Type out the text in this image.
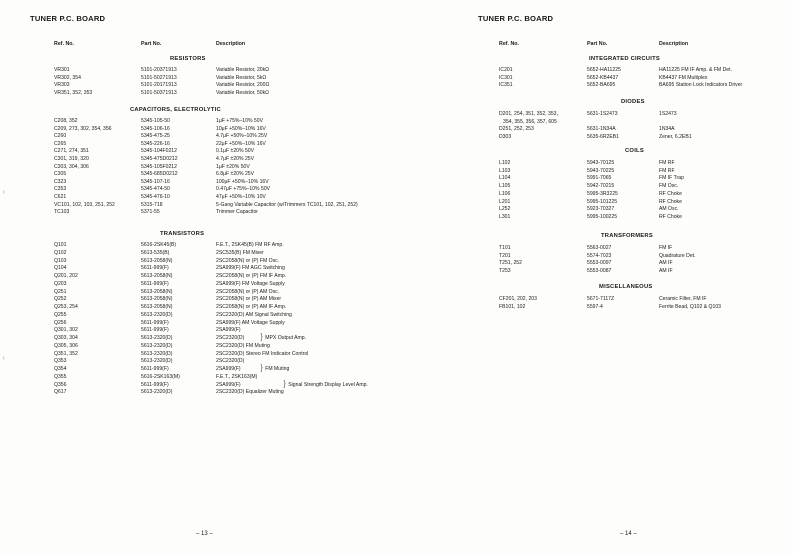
TUNER P.C. BOARD
Ref. No.	Part No.	Description
RESISTORS
VR301	5101-20371913	Variable Resistor, 20kΩ
VR302, 354	5101-50271913	Variable Resistor, 5kΩ
VR303	5101-20171913	Variable Resistor, 200Ω
VR351, 352, 353	5101-50371913	Variable Resistor, 50kΩ
CAPACITORS, ELECTROLYTIC
C208, 352	5345-105-50	1μF +75%–10% 50V
C209, 273, 302, 354, 356	5345-106-16	10μF +50%–10% 16V
C260	5345-475-25	4.7μF +50%–10% 25V
C265	5345-226-16	22μF +50%–10% 16V
C271, 274, 351	5345-104F0212	0.1μF ±20% 50V
C301, 319, 320	5345-475D0212	4.7μF ±20% 25V
C303, 304, 306	5345-105F0212	1μF ±20% 50V
C305	5345-685D0212	6.8μF ±20% 25V
C323	5345-107-16	100μF +50%–10% 16V
C353	5345-474-50	0.47μF +75%–10% 50V
C621	5345-476-10	47μF +50%–10% 10V
VC101, 102, 103, 251, 252	5315-718	5-Gang Variable Capacitor (w/Trimmers TC101, 102, 251, 252)
TC103	5371-55	Trimmer Capacitor
TRANSISTORS
Q101	5616-2SK45(B)	F.E.T., 2SK45(B) FM RF Amp.
Q102	5613-535(B)	2SC535(B) FM Mixer
Q103	5613-2058(N)	2SC2058(N) or (P) FM Osc.
Q104	5611-999(F)	2SA999(F) FM AGC Switching
Q201, 202	5613-2058(N)	2SC2058(N) or (P) FM IF Amp.
Q203	5611-999(F)	2SA999(F) FM Voltage Supply
Q251	5613-2058(N)	2SC2058(N) or (P) AM Osc.
Q252	5613-2058(N)	2SC2058(N) or (P) AM Mixer
Q253, 254	5613-2058(N)	2SC2058(N) or (P) AM IF Amp.
Q255	5613-2320(D)	2SC2320(D) AM Signal Switching
Q256	5611-999(F)	2SA999(F) AM Voltage Supply
Q301, 302	5611-999(F)	2SA999(F)
Q303, 304	5613-2320(D)	2SC2320(D)
Q305, 306	5613-2320(D)	2SC2320(D) FM Muting
Q351, 352	5613-2320(D)	2SC2320(D) Stereo FM Indicator Control
Q353	5613-2320(D)	2SC2320(D)
Q354	5611-999(F)	2SA999(F)
Q355	5616-2SK163(M)	F.E.T., 2SK163(M)
Q356	5611-999(F)	2SA999(F)
Q617	5613-2320(D)	2SC2320(D) Equalizer Muting
} MPX Output Amp.
} FM Muting
} Signal Strength Display Level Amp.
– 13 –
TUNER P.C. BOARD
Ref. No.	Part No.	Description
INTEGRATED CIRCUITS
IC201	5652-HA11225	HA11225 FM IF Amp. & FM Det.
IC301	5652-KB4437	KB4437 FM Multiplex
IC351	5652-BA695	BA695 Station Lock Indicators Driver
DIODES
D201, 254, 351, 352, 353,	5631-1S2473	1S2473
354, 355, 356, 357, 605
D251, 252, 253	5631-1N34A	1N34A
D303	5635-6R2EB1	Zener, 6.2EB1
COILS
L102	5943-70125	FM RF
L103	5943-70225	FM RF
L104	5991-7065	FM IF Trap
L105	5942-70215	FM Osc.
L106	5995-3R3225	RF Choke
L201	5995-101225	RF Choke
L252	5923-70327	AM Osc.
L301	5995-100225	RF Choke
TRANSFORMERS
T101	5563-0027	FM IF
T201	5574-7023	Quadrature Det.
T251, 252	5553-0097	AM IF
T253	5553-0087	AM IF
MISCELLANEOUS
CF201, 202, 203	5671-7117Z	Ceramic Filter, FM IF
FB101, 102	5597-4	Ferrite Bead, Q102 & Q103
– 14 –
